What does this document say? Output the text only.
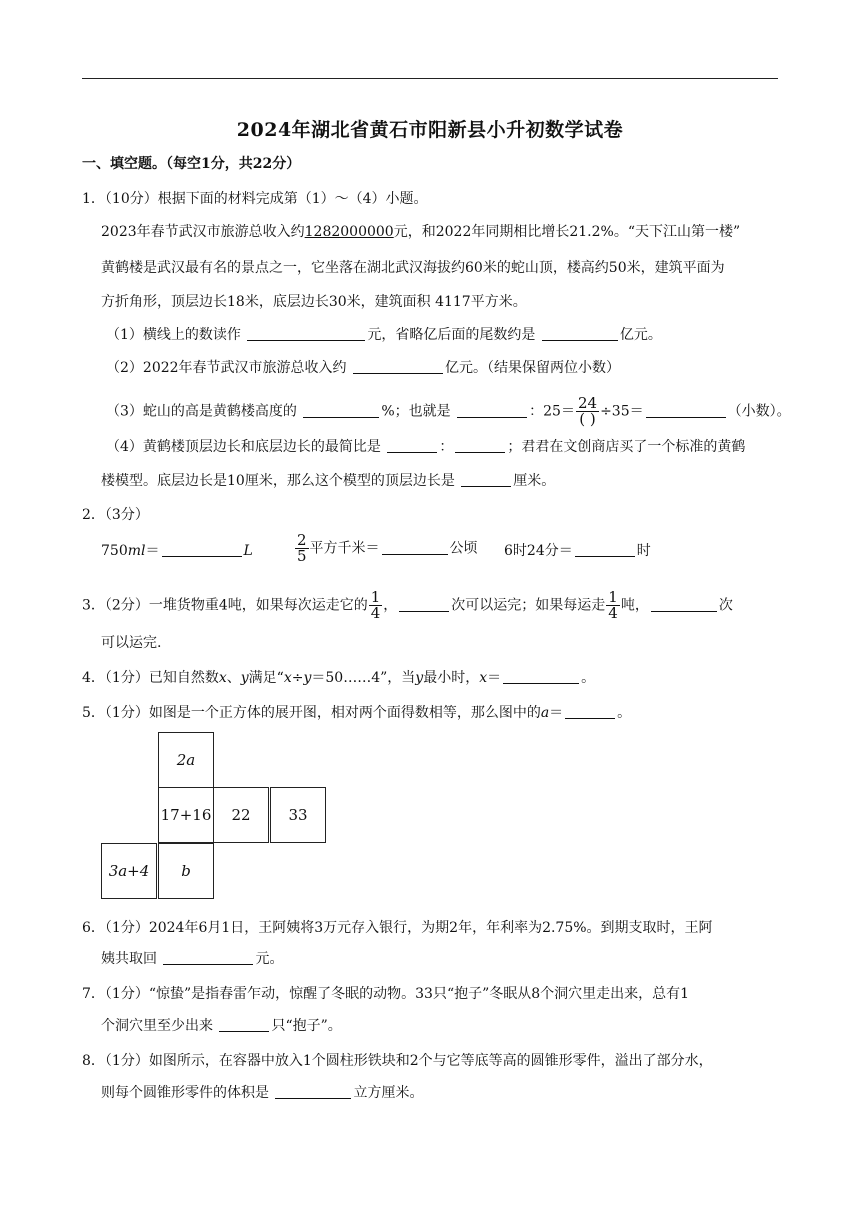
2024年湖北省黄石市阳新县小升初数学试卷
一、填空题。（每空1分，共22分）
1．（10分）根据下面的材料完成第（1）～（4）小题。
2023年春节武汉市旅游总收入约1282000000元，和2022年同期相比增长21.2%。“天下江山第一楼”
黄鹤楼是武汉最有名的景点之一，它坐落在湖北武汉海拔约60米的蛇山顶，楼高约50米，建筑平面为
方折角形，顶层边长18米，底层边长30米，建筑面积 4117平方米。
（1）横线上的数读作	元，省略亿后面的尾数约是	亿元。
（2）2022年春节武汉市旅游总收入约	亿元。（结果保留两位小数）
（3）蛇山的高是黄鹤楼高度的	%；也就是	：$25= \frac{24}{( )} \div 35=$	（小数）。
（4）黄鹤楼顶层边长和底层边长的最简比是	：	；君君在文创商店买了一个标准的黄鹤
楼模型。底层边长是10厘米，那么这个模型的顶层边长是	厘米。
2．（3分）
750ml＝	L	$\frac{2}{5}$ 平方千米＝	公顷 6时24分＝	时
3．（2分）一堆货物重4吨，如果每次运走它的 $\frac{1}{4}$ ，	次可以运完；如果每运走 $\frac{1}{4}$ 吨，	次
可以运完.
4．（1分）已知自然数x、y满足“x÷y＝50……4”，当y最小时，x＝	。
5．（1分）如图是一个正方体的展开图，相对两个面得数相等，那么图中的a＝	。
2a
17+16 22	33
3a+4 b
6．（1分）2024年6月1日，王阿姨将3万元存入银行，为期2年，年利率为2.75%。到期支取时，王阿
姨共取回	元。
7．（1分）“惊蛰”是指春雷乍动，惊醒了冬眠的动物。33只“抱子”冬眠从8个洞穴里走出来，总有1
个洞穴里至少出来	只“抱子”。
8．（1分）如图所示，在容器中放入1个圆柱形铁块和2个与它等底等高的圆锥形零件，溢出了部分水，
则每个圆锥形零件的体积是	立方厘米。
